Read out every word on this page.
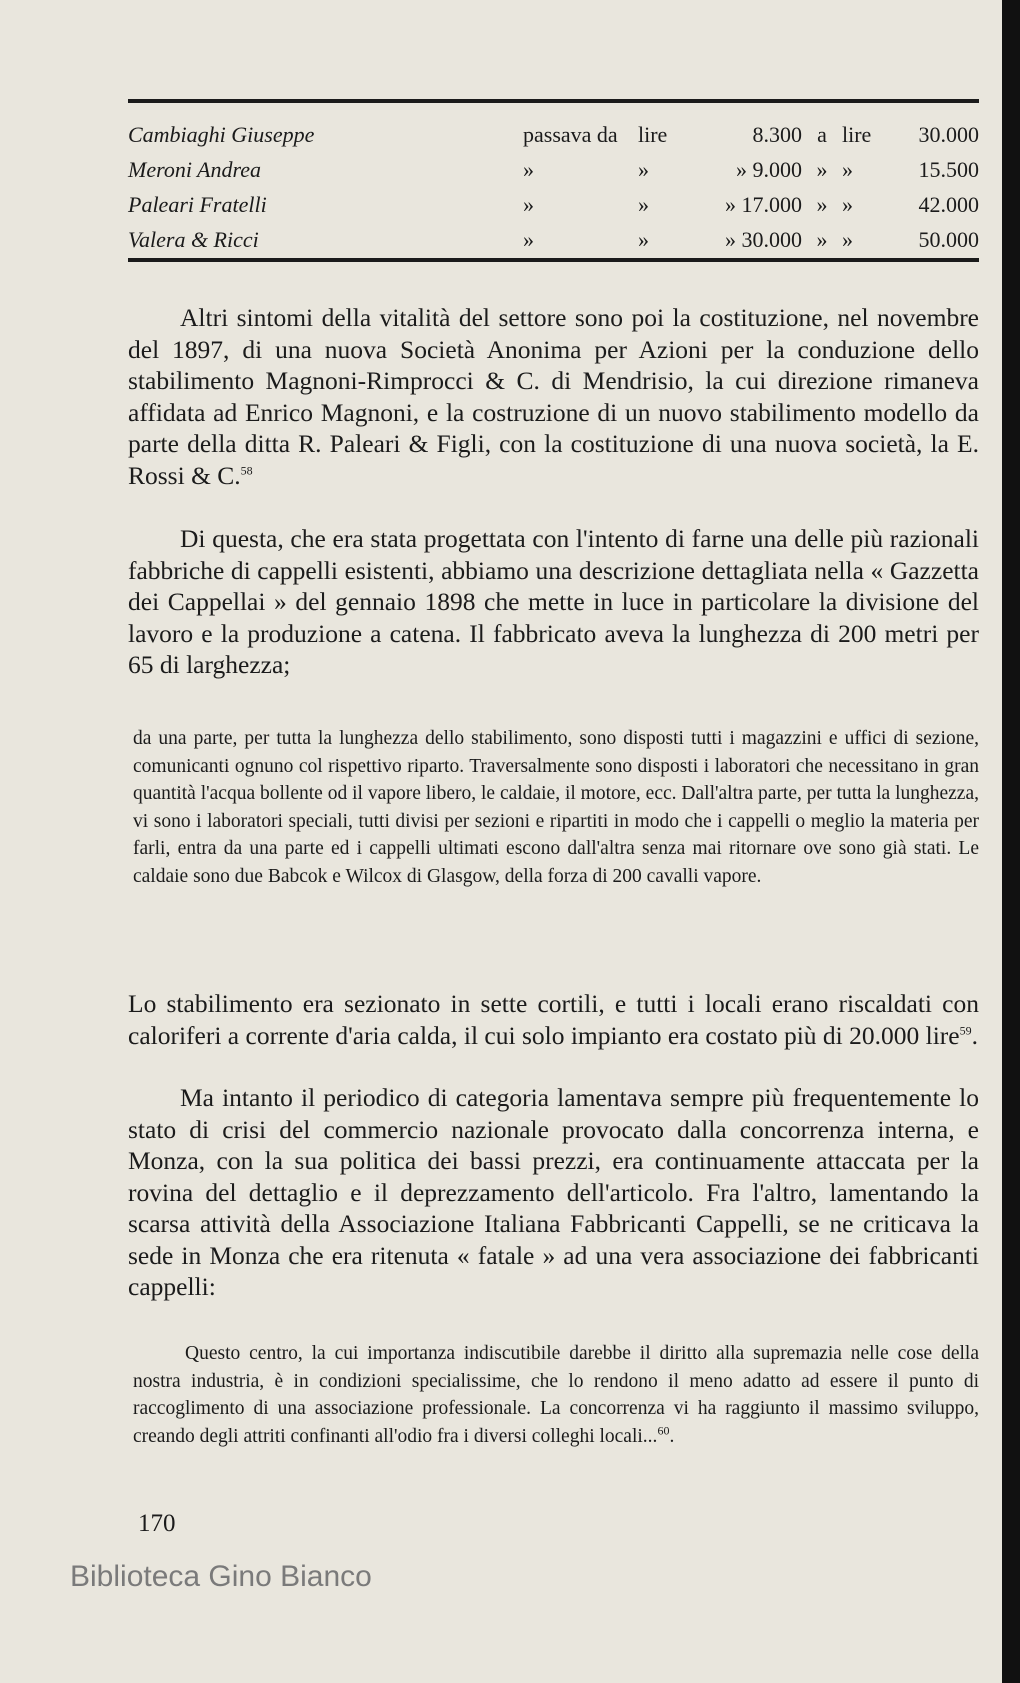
Cambiaghi Giuseppe	passava da	lire	8.300	a	lire	30.000
Meroni Andrea	»	»	» 9.000	»	»	15.500
Paleari Fratelli	»	»	» 17.000	»	»	42.000
Valera & Ricci	»	»	» 30.000	»	»	50.000

Altri sintomi della vitalità del settore sono poi la costituzione, nel novembre del 1897, di una nuova Società Anonima per Azioni per la conduzione dello stabilimento Magnoni-Rimprocci & C. di Mendrisio, la cui direzione rimaneva affidata ad Enrico Magnoni, e la costruzione di un nuovo stabilimento modello da parte della ditta R. Paleari & Figli, con la costituzione di una nuova società, la E. Rossi & C.$^{58}$

Di questa, che era stata progettata con l'intento di farne una delle più razionali fabbriche di cappelli esistenti, abbiamo una descrizione dettagliata nella « Gazzetta dei Cappellai » del gennaio 1898 che mette in luce in particolare la divisione del lavoro e la produzione a catena. Il fabbricato aveva la lunghezza di 200 metri per 65 di larghezza;

da una parte, per tutta la lunghezza dello stabilimento, sono disposti tutti i magazzini e uffici di sezione, comunicanti ognuno col rispettivo riparto. Traversalmente sono disposti i laboratori che necessitano in gran quantità l'acqua bollente od il vapore libero, le caldaie, il motore, ecc. Dall'altra parte, per tutta la lunghezza, vi sono i laboratori speciali, tutti divisi per sezioni e ripartiti in modo che i cappelli o meglio la materia per farli, entra da una parte ed i cappelli ultimati escono dall'altra senza mai ritornare ove sono già stati. Le caldaie sono due Babcok e Wilcox di Glasgow, della forza di 200 cavalli vapore.

Lo stabilimento era sezionato in sette cortili, e tutti i locali erano riscaldati con caloriferi a corrente d'aria calda, il cui solo impianto era costato più di 20.000 lire$^{59}$.

Ma intanto il periodico di categoria lamentava sempre più frequentemente lo stato di crisi del commercio nazionale provocato dalla concorrenza interna, e Monza, con la sua politica dei bassi prezzi, era continuamente attaccata per la rovina del dettaglio e il deprezzamento dell'articolo. Fra l'altro, lamentando la scarsa attività della Associazione Italiana Fabbricanti Cappelli, se ne criticava la sede in Monza che era ritenuta « fatale » ad una vera associazione dei fabbricanti cappelli:

Questo centro, la cui importanza indiscutibile darebbe il diritto alla supremazia nelle cose della nostra industria, è in condizioni specialissime, che lo rendono il meno adatto ad essere il punto di raccoglimento di una associazione professionale. La concorrenza vi ha raggiunto il massimo sviluppo, creando degli attriti confinanti all'odio fra i diversi colleghi locali...$^{60}$.

170
Biblioteca Gino Bianco
